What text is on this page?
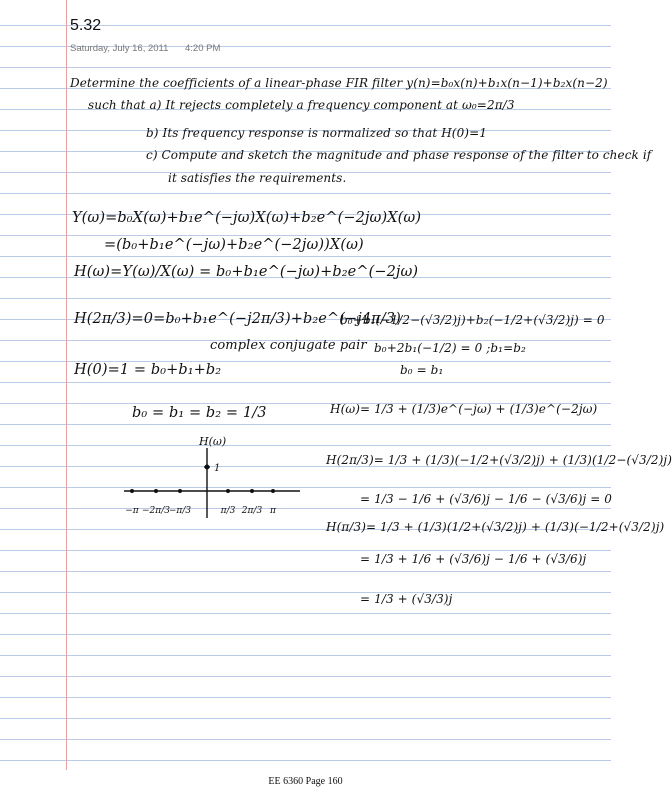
5.32
Saturday, July 16, 2011 4:20 PM
Determine the coefficients of a linear-phase FIR filter y(n)=b₀x(n)+b₁x(n−1)+b₂x(n−2)
such that a) It rejects completely a frequency component at ω₀=2π/3
b) Its frequency response is normalized so that H(0)=1
c) Compute and sketch the magnitude and phase response of the filter to check if
it satisfies the requirements.
Y(ω)=b₀X(ω)+b₁e^(−jω)X(ω)+b₂e^(−2jω)X(ω)
=(b₀+b₁e^(−jω)+b₂e^(−2jω))X(ω)
H(ω)=Y(ω)/X(ω) = b₀+b₁e^(−jω)+b₂e^(−2jω)
H(2π/3)=0=b₀+b₁e^(−j2π/3)+b₂e^(−j4π/3)
complex conjugate pair
H(0)=1 = b₀+b₁+b₂
b₀+b₁(−1/2−(√3/2)j)+b₂(−1/2+(√3/2)j) = 0
b₀+2b₁(−1/2) = 0 ;b₁=b₂
b₀ = b₁
b₀ = b₁ = b₂ = 1/3	H(ω)= 1/3 + (1/3)e^(−jω) + (1/3)e^(−2jω)
H(2π/3)= 1/3 + (1/3)(−1/2+(√3/2)j) + (1/3)(1/2−(√3/2)j)
= 1/3 − 1/6 + (√3/6)j − 1/6 − (√3/6)j = 0
H(π/3)= 1/3 + (1/3)(1/2+(√3/2)j) + (1/3)(−1/2+(√3/2)j)
= 1/3 + 1/6 + (√3/6)j − 1/6 + (√3/6)j
= 1/3 + (√3/3)j
1
H(ω)
−π −2π/3
−π/3	π/3 2π/3 π
EE 6360 Page 160
